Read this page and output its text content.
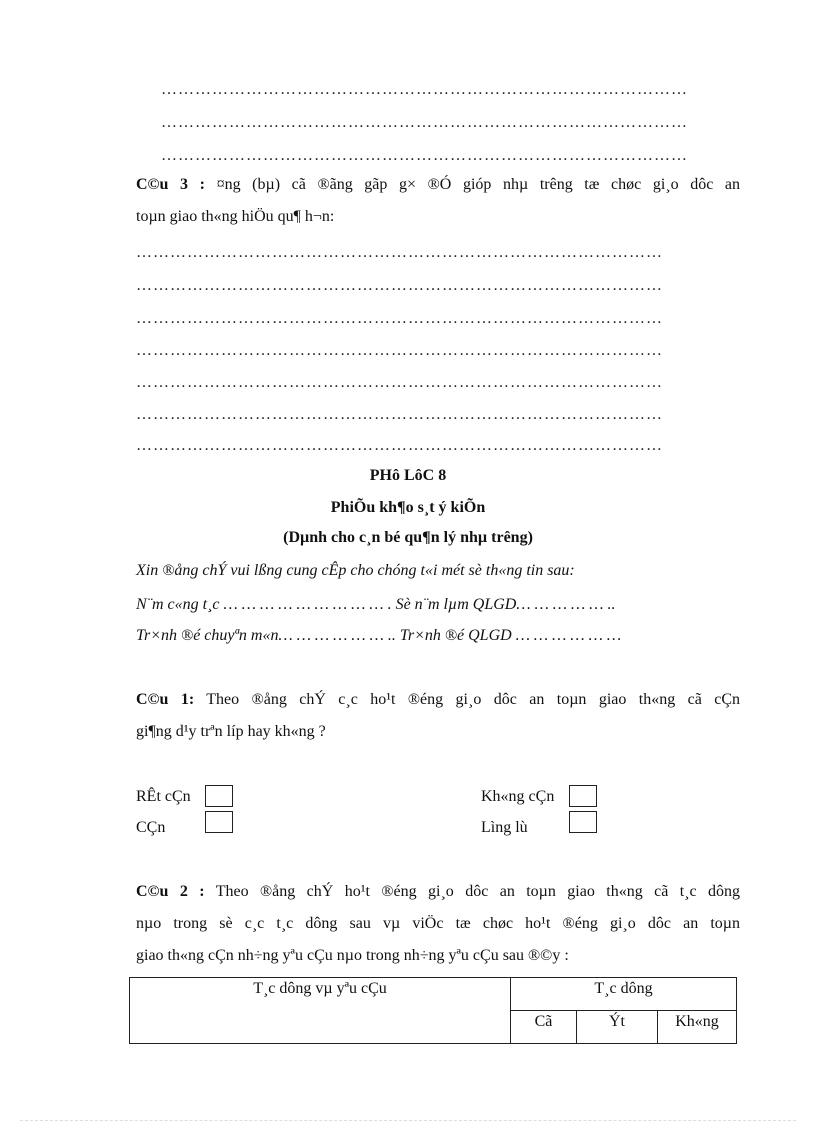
…………………………………………………………………………………
…………………………………………………………………………………
…………………………………………………………………………………
C©u 3 : ¤ng (bµ) cã ®ãng gãp g× ®Ó gióp nhµ trêng tæ chøc gi¸o dôc an
toµn giao th«ng hiÖu qu¶ h¬n:
…………………………………………………………………………………
…………………………………………………………………………………
…………………………………………………………………………………
…………………………………………………………………………………
…………………………………………………………………………………
…………………………………………………………………………………
…………………………………………………………………………………
PHô LôC 8
PhiÕu kh¶o s¸t ý kiÕn
(Dµnh cho c¸n bé qu¶n lý nhµ trêng)
Xin ®ång chÝ vui lßng cung cÊp cho chóng t«i mét sè th«ng tin sau:
N¨m c«ng t¸c … … … … … … … … … . Sè n¨m lµm QLGD… … … … … ..
Tr×nh ®é chuyªn m«n… … … … … … .. Tr×nh ®é QLGD … … … … … …
C©u 1: Theo ®ång chÝ c¸c ho¹t ®éng gi¸o dôc an toµn giao th«ng cã cÇn
gi¶ng d¹y trªn líp hay kh«ng ?
RÊt cÇn
CÇn
Kh«ng cÇn
Lìng lù
C©u 2 : Theo ®ång chÝ ho¹t ®éng gi¸o dôc an toµn giao th«ng cã t¸c dông
nµo trong sè c¸c t¸c dông sau vµ viÖc tæ chøc ho¹t ®éng gi¸o dôc an toµn
giao th«ng cÇn nh÷ng yªu cÇu nµo trong nh÷ng yªu cÇu sau ®©y :
T¸c dông vµ yªu cÇu	T¸c dông		
	Cã	Ýt	Kh«ng
